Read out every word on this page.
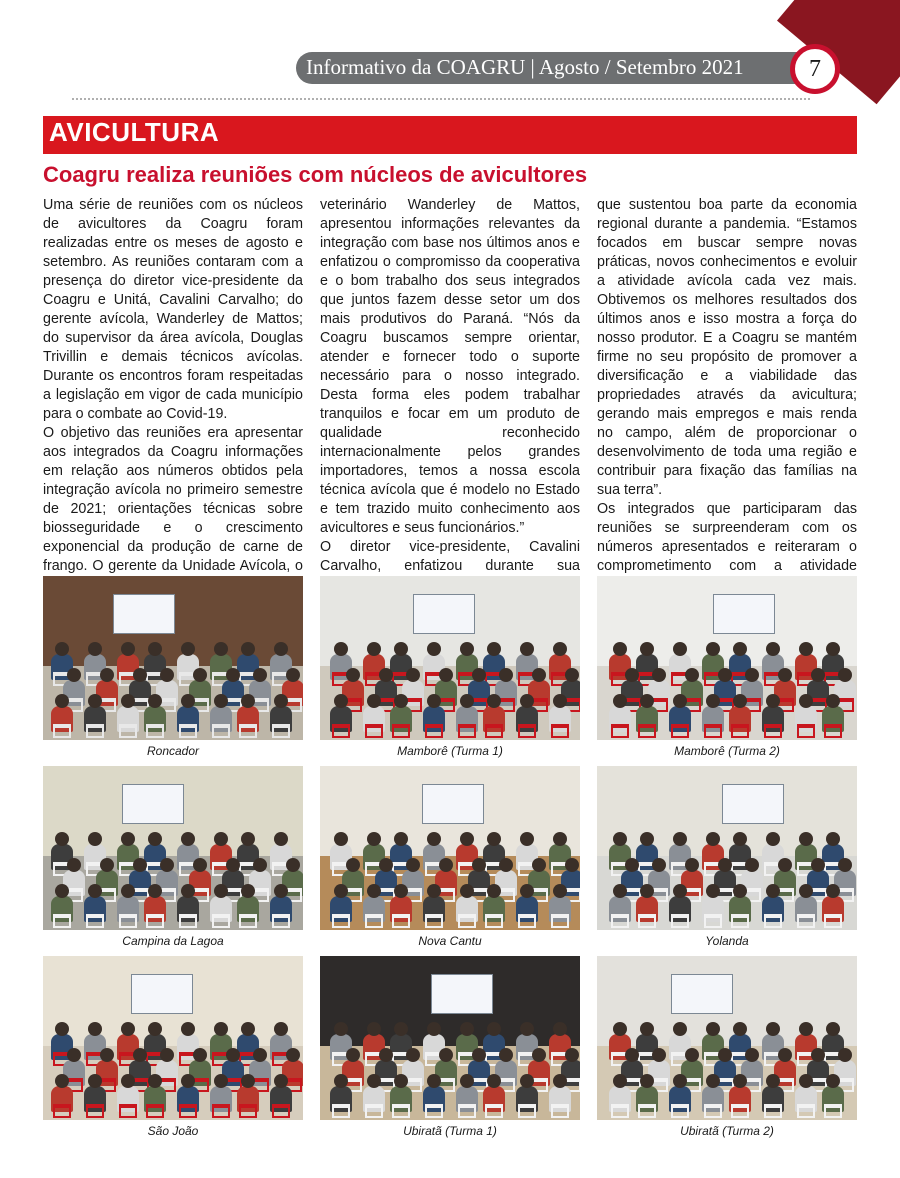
Informativo da COAGRU | Agosto / Setembro 2021	7
AVICULTURA
Coagru realiza reuniões com núcleos de avicultores

Uma série de reuniões com os núcleos de avicultores da Coagru foram realizadas entre os meses de agosto e setembro. As reuniões contaram com a presença do diretor vice-presidente da Coagru e Unitá, Cavalini Carvalho; do gerente avícola, Wanderley de Mattos; do supervisor da área avícola, Douglas Trivillin e demais técnicos avícolas. Durante os encontros foram respeitadas a legislação em vigor de cada município para o combate ao Covid-19.

O objetivo das reuniões era apresentar aos integrados da Coagru informações em relação aos números obtidos pela integração avícola no primeiro semestre de 2021; orientações técnicas sobre biosseguridade e o crescimento exponencial da produção de carne de frango. O gerente da Unidade Avícola, o

veterinário Wanderley de Mattos, apresentou informações relevantes da integração com base nos últimos anos e enfatizou o compromisso da cooperativa e o bom trabalho dos seus integrados que juntos fazem desse setor um dos mais produtivos do Paraná. “Nós da Coagru buscamos sempre orientar, atender e fornecer todo o suporte necessário para o nosso integrado. Desta forma eles podem trabalhar tranquilos e focar em um produto de qualidade reconhecido internacionalmente pelos grandes importadores, temos a nossa escola técnica avícola que é modelo no Estado e tem trazido muito conhecimento aos avicultores e seus funcionários.”

O diretor vice-presidente, Cavalini Carvalho, enfatizou durante sua

que sustentou boa parte da economia regional durante a pandemia. “Estamos focados em buscar sempre novas práticas, novos conhecimentos e evoluir a atividade avícola cada vez mais. Obtivemos os melhores resultados dos últimos anos e isso mostra a força do nosso produtor. E a Coagru se mantém firme no seu propósito de promover a diversificação e a viabilidade das propriedades através da avicultura; gerando mais empregos e mais renda no campo, além de proporcionar o desenvolvimento de toda uma região e contribuir para fixação das famílias na sua terra”.

Os integrados que participaram das reuniões se surpreenderam com os números apresentados e reiteraram o comprometimento com a atividade

Roncador	Mamborê (Turma 1)	Mamborê (Turma 2)
Campina da Lagoa	Nova Cantu	Yolanda
São João	Ubiratã (Turma 1)	Ubiratã (Turma 2)
